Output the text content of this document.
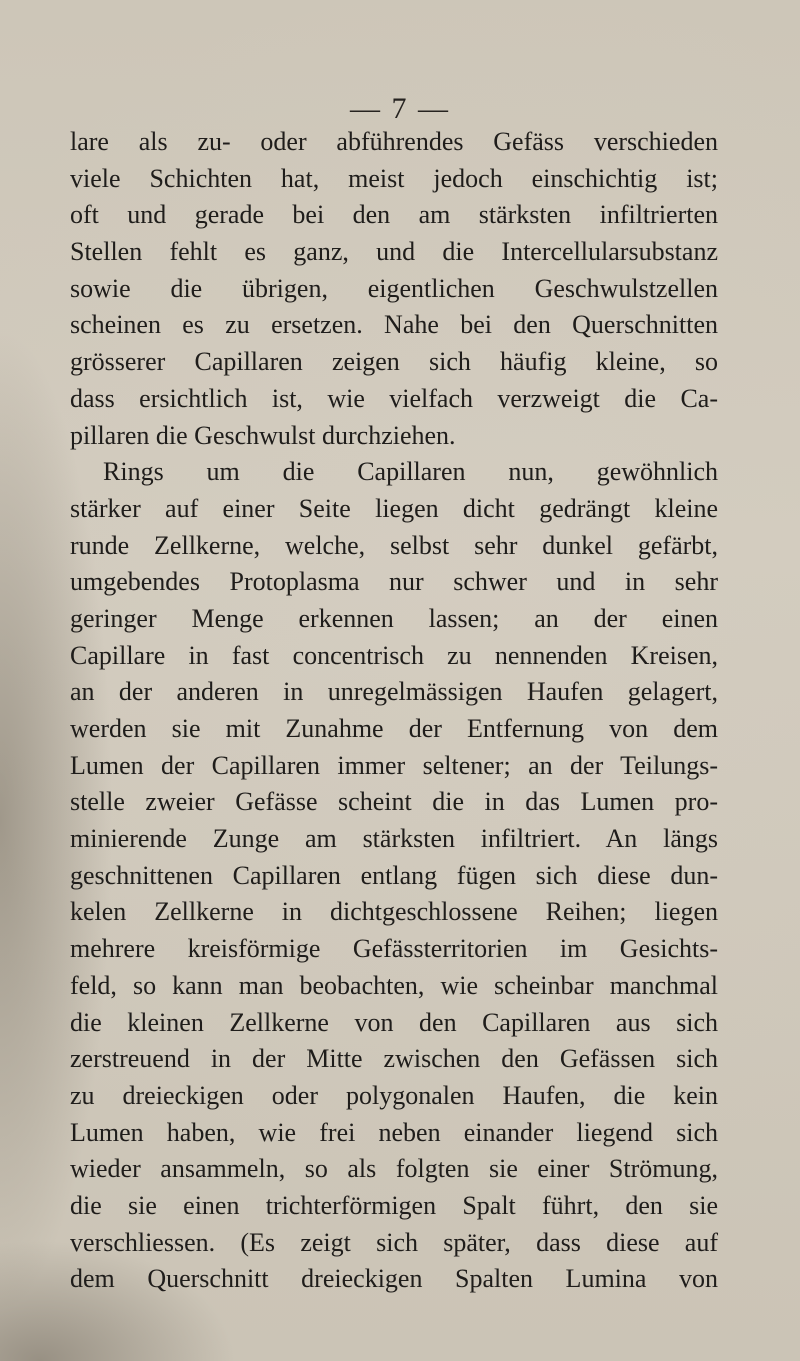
— 7 —
lare als zu- oder abführendes Gefäss verschieden
viele Schichten hat, meist jedoch einschichtig ist;
oft und gerade bei den am stärksten infiltrierten
Stellen fehlt es ganz, und die Intercellularsubstanz
sowie die übrigen, eigentlichen Geschwulstzellen
scheinen es zu ersetzen. Nahe bei den Querschnitten
grösserer Capillaren zeigen sich häufig kleine, so
dass ersichtlich ist, wie vielfach verzweigt die Ca-
pillaren die Geschwulst durchziehen.
Rings um die Capillaren nun, gewöhnlich
stärker auf einer Seite liegen dicht gedrängt kleine
runde Zellkerne, welche, selbst sehr dunkel gefärbt,
umgebendes Protoplasma nur schwer und in sehr
geringer Menge erkennen lassen; an der einen
Capillare in fast concentrisch zu nennenden Kreisen,
an der anderen in unregelmässigen Haufen gelagert,
werden sie mit Zunahme der Entfernung von dem
Lumen der Capillaren immer seltener; an der Teilungs-
stelle zweier Gefässe scheint die in das Lumen pro-
minierende Zunge am stärksten infiltriert. An längs
geschnittenen Capillaren entlang fügen sich diese dun-
kelen Zellkerne in dichtgeschlossene Reihen; liegen
mehrere kreisförmige Gefässterritorien im Gesichts-
feld, so kann man beobachten, wie scheinbar manchmal
die kleinen Zellkerne von den Capillaren aus sich
zerstreuend in der Mitte zwischen den Gefässen sich
zu dreieckigen oder polygonalen Haufen, die kein
Lumen haben, wie frei neben einander liegend sich
wieder ansammeln, so als folgten sie einer Strömung,
die sie einen trichterförmigen Spalt führt, den sie
verschliessen. (Es zeigt sich später, dass diese auf
dem Querschnitt dreieckigen Spalten Lumina von
